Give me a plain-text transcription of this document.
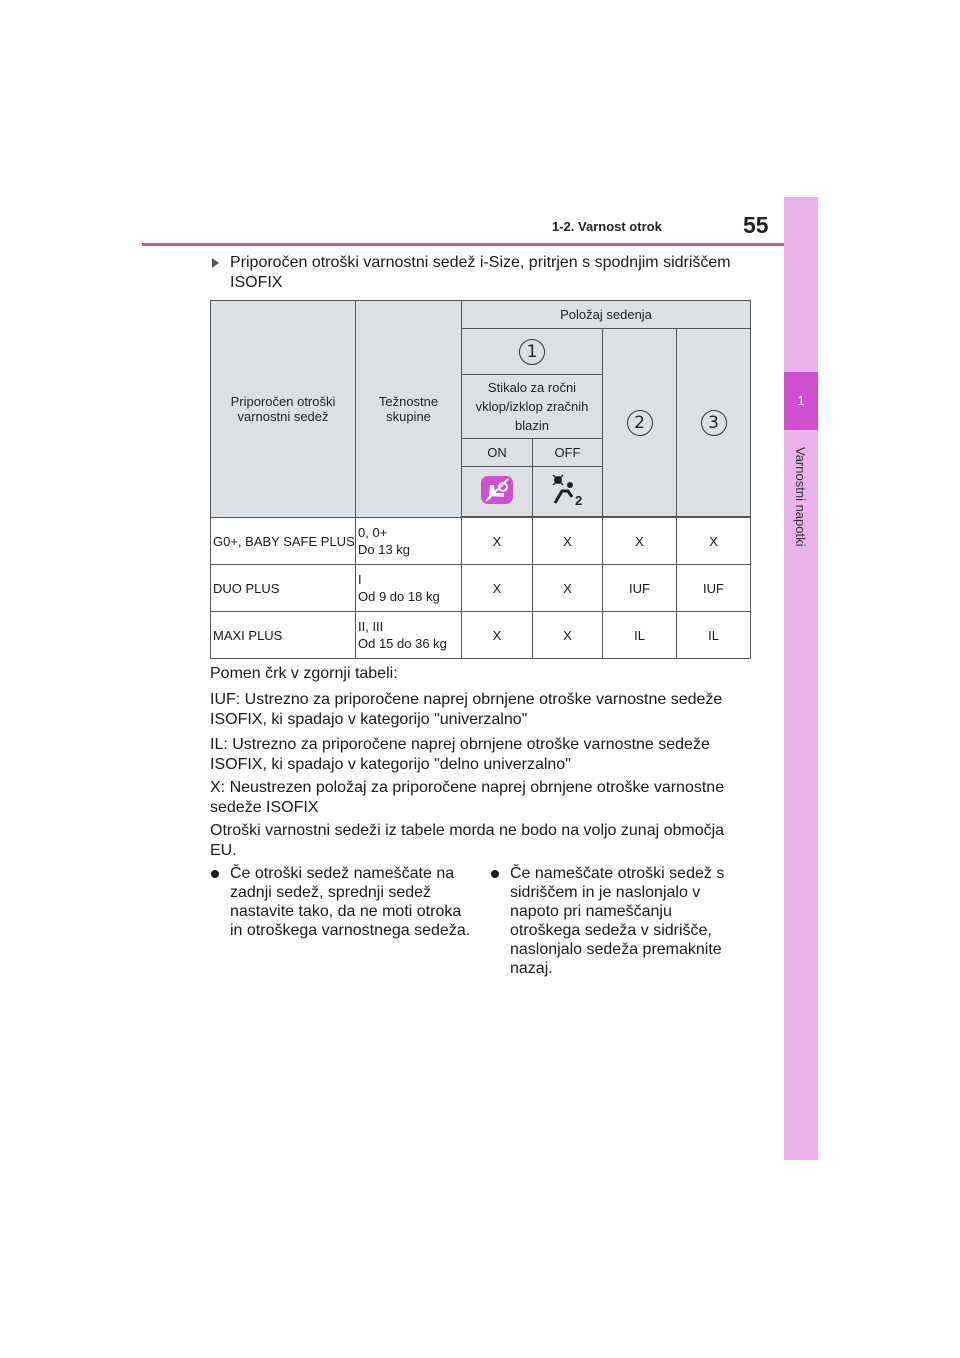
1
Varnostni napotki
1-2. Varnost otrok	55
Priporočen otroški varnostni sedež i-Size, pritrjen s spodnjim sidriščem ISOFIX
Priporočen otroški varnostni sedež	Težnostne skupine	Položaj sedenja			
		1		2	3
		Stikalo za ročni vklop/izklop zračnih blazin			
		ON	OFF		

2		

G0+, BABY SAFE PLUS	0, 0+
Do 13 kg	X	X	X	X
DUO PLUS	I
Od 9 do 18 kg	X	X	IUF	IUF
MAXI PLUS	II, III
Od 15 do 36 kg	X	X	IL	IL
Pomen črk v zgornji tabeli:
IUF: Ustrezno za priporočene naprej obrnjene otroške varnostne sedeže ISOFIX, ki spadajo v kategorijo "univerzalno"
IL: Ustrezno za priporočene naprej obrnjene otroške varnostne sedeže ISOFIX, ki spadajo v kategorijo "delno univerzalno"
X: Neustrezen položaj za priporočene naprej obrnjene otroške varnostne sedeže ISOFIX
Otroški varnostni sedeži iz tabele morda ne bodo na voljo zunaj območja EU.
Če otroški sedež nameščate na zadnji sedež, sprednji sedež nastavite tako, da ne moti otroka in otroškega varnostnega sedeža.
Če nameščate otroški sedež s sidriščem in je naslonjalo v napoto pri nameščanju otroškega sedeža v sidrišče, naslonjalo sedeža premaknite nazaj.
